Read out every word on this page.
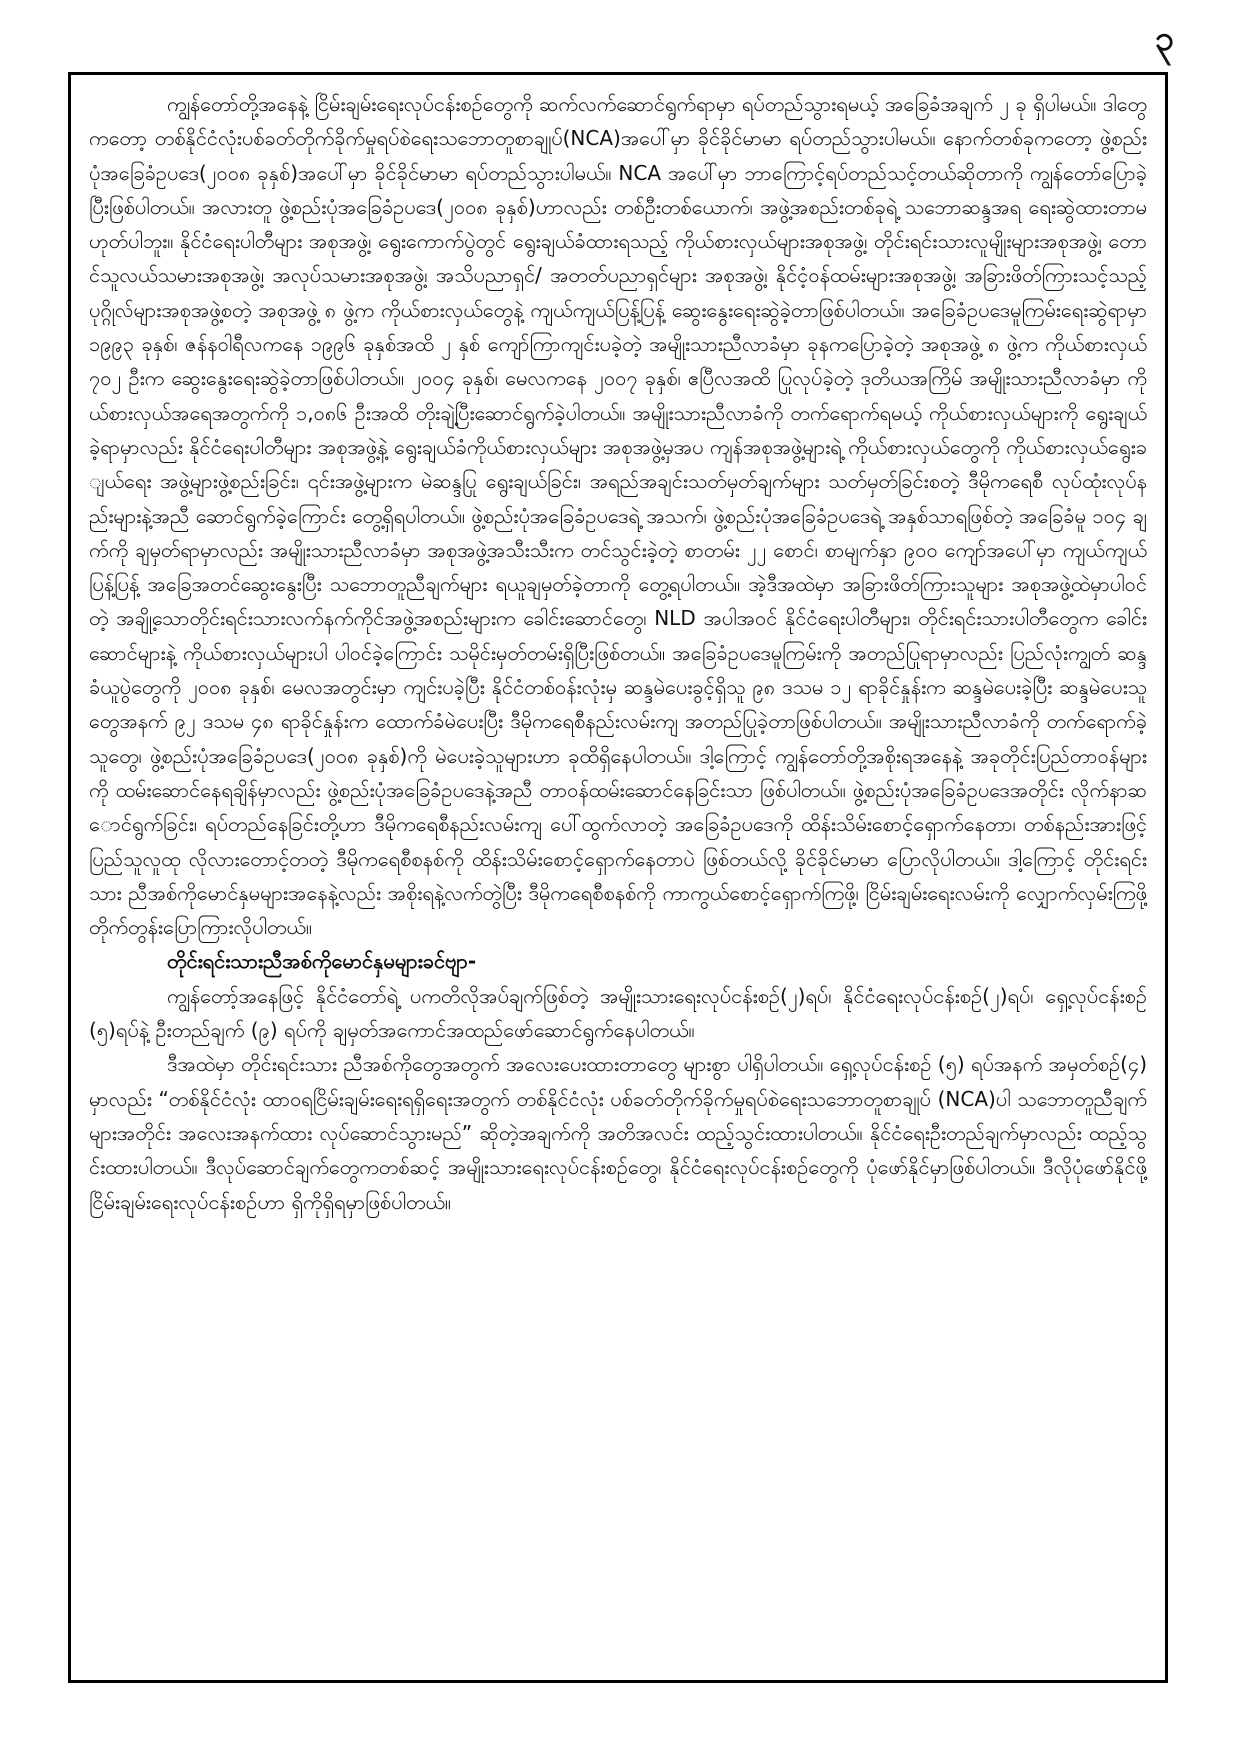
၃

ကျွန်တော်တို့အနေနဲ့ ငြိမ်းချမ်းရေးလုပ်ငန်းစဉ်တွေကို ဆက်လက်ဆောင်ရွက်ရာမှာ ရပ်တည်သွားရမယ့် အခြေခံအချက် ၂ ခု ရှိပါမယ်။ ဒါတွေကတော့ တစ်နိုင်ငံလုံးပစ်ခတ်တိုက်ခိုက်မှုရပ်စဲရေးသဘောတူစာချုပ်(NCA)အပေါ်မှာ ခိုင်ခိုင်မာမာ ရပ်တည်သွားပါမယ်။ နောက်တစ်ခုကတော့ ဖွဲ့စည်းပုံအခြေခံဥပဒေ(၂၀၀၈ ခုနှစ်)အပေါ်မှာ ခိုင်ခိုင်မာမာ ရပ်တည်သွားပါမယ်။ NCA အပေါ်မှာ ဘာကြောင့်ရပ်တည်သင့်တယ်ဆိုတာကို ကျွန်တော်ပြောခဲ့ပြီးဖြစ်ပါတယ်။ အလားတူ ဖွဲ့စည်းပုံအခြေခံဥပဒေ(၂၀၀၈ ခုနှစ်)ဟာလည်း တစ်ဦးတစ်ယောက်၊ အဖွဲ့အစည်းတစ်ခုရဲ့ သဘောဆန္ဒအရ ရေးဆွဲထားတာမဟုတ်ပါဘူး။ နိုင်ငံရေးပါတီများ အစုအဖွဲ့၊ ရွေးကောက်ပွဲတွင် ရွေးချယ်ခံထားရသည့် ကိုယ်စားလှယ်များအစုအဖွဲ့၊ တိုင်းရင်းသားလူမျိုးများအစုအဖွဲ့၊ တောင်သူလယ်သမားအစုအဖွဲ့၊ အလုပ်သမားအစုအဖွဲ့၊ အသိပညာရှင်/ အတတ်ပညာရှင်များ အစုအဖွဲ့၊ နိုင်ငံ့ဝန်ထမ်းများအစုအဖွဲ့၊ အခြားဖိတ်ကြားသင့်သည့် ပုဂ္ဂိုလ်များအစုအဖွဲ့စတဲ့ အစုအဖွဲ့ ၈ ဖွဲ့က ကိုယ်စားလှယ်တွေနဲ့ ကျယ်ကျယ်ပြန့်ပြန့် ဆွေးနွေးရေးဆွဲခဲ့တာဖြစ်ပါတယ်။ အခြေခံဥပဒေမူကြမ်းရေးဆွဲရာမှာ ၁၉၉၃ ခုနှစ်၊ ဇန်နဝါရီလကနေ ၁၉၉၆ ခုနှစ်အထိ ၂ နှစ် ကျော်ကြာကျင်းပခဲ့တဲ့ အမျိုးသားညီလာခံမှာ ခုနကပြောခဲ့တဲ့ အစုအဖွဲ့ ၈ ဖွဲ့က ကိုယ်စားလှယ် ၇၀၂ ဦးက ဆွေးနွေးရေးဆွဲခဲ့တာဖြစ်ပါတယ်။ ၂၀၀၄ ခုနှစ်၊ မေလကနေ ၂၀၀၇ ခုနှစ်၊ ဧပြီလအထိ ပြုလုပ်ခဲ့တဲ့ ဒုတိယအကြိမ် အမျိုးသားညီလာခံမှာ ကိုယ်စားလှယ်အရေအတွက်ကို ၁,၀၈၆ ဦးအထိ တိုးချဲ့ပြီးဆောင်ရွက်ခဲ့ပါတယ်။ အမျိုးသားညီလာခံကို တက်ရောက်ရမယ့် ကိုယ်စားလှယ်များကို ရွေးချယ်ခဲ့ရာမှာလည်း နိုင်ငံရေးပါတီများ အစုအဖွဲ့နဲ့ ရွေးချယ်ခံကိုယ်စားလှယ်များ အစုအဖွဲ့မှအပ ကျန်အစုအဖွဲ့များရဲ့ ကိုယ်စားလှယ်တွေကို ကိုယ်စားလှယ်ရွေးချယ်ရေး အဖွဲ့များဖွဲ့စည်းခြင်း၊ ၎င်းအဖွဲ့များက မဲဆန္ဒပြု ရွေးချယ်ခြင်း၊ အရည်အချင်းသတ်မှတ်ချက်များ သတ်မှတ်ခြင်းစတဲ့ ဒီမိုကရေစီ လုပ်ထုံးလုပ်နည်းများနဲ့အညီ ဆောင်ရွက်ခဲ့ကြောင်း တွေ့ရှိရပါတယ်။ ဖွဲ့စည်းပုံအခြေခံဥပဒေရဲ့ အသက်၊ ဖွဲ့စည်းပုံအခြေခံဥပဒေရဲ့ အနှစ်သာရဖြစ်တဲ့ အခြေခံမူ ၁၀၄ ချက်ကို ချမှတ်ရာမှာလည်း အမျိုးသားညီလာခံမှာ အစုအဖွဲ့အသီးသီးက တင်သွင်းခဲ့တဲ့ စာတမ်း ၂၂ စောင်၊ စာမျက်နှာ ၉၀၀ ကျော်အပေါ်မှာ ကျယ်ကျယ်ပြန့်ပြန့် အခြေအတင်ဆွေးနွေးပြီး သဘောတူညီချက်များ ရယူချမှတ်ခဲ့တာကို တွေ့ရပါတယ်။ အဲ့ဒီအထဲမှာ အခြားဖိတ်ကြားသူများ အစုအဖွဲ့ထဲမှာပါဝင်တဲ့ အချို့သောတိုင်းရင်းသားလက်နက်ကိုင်အဖွဲ့အစည်းများက ခေါင်းဆောင်တွေ၊ NLD အပါအဝင် နိုင်ငံရေးပါတီများ၊ တိုင်းရင်းသားပါတီတွေက ခေါင်းဆောင်များနဲ့ ကိုယ်စားလှယ်များပါ ပါဝင်ခဲ့ကြောင်း သမိုင်းမှတ်တမ်းရှိပြီးဖြစ်တယ်။ အခြေခံဥပဒေမူကြမ်းကို အတည်ပြုရာမှာလည်း ပြည်လုံးကျွတ် ဆန္ဒခံယူပွဲတွေကို ၂၀၀၈ ခုနှစ်၊ မေလအတွင်းမှာ ကျင်းပခဲ့ပြီး နိုင်ငံတစ်ဝန်းလုံးမှ ဆန္ဒမဲပေးခွင့်ရှိသူ ၉၈ ဒသမ ၁၂ ရာခိုင်နှုန်းက ဆန္ဒမဲပေးခဲ့ပြီး ဆန္ဒမဲပေးသူတွေအနက် ၉၂ ဒသမ ၄၈ ရာခိုင်နှုန်းက ထောက်ခံမဲပေးပြီး ဒီမိုကရေစီနည်းလမ်းကျ အတည်ပြုခဲ့တာဖြစ်ပါတယ်။ အမျိုးသားညီလာခံကို တက်ရောက်ခဲ့သူတွေ၊ ဖွဲ့စည်းပုံအခြေခံဥပဒေ(၂၀၀၈ ခုနှစ်)ကို မဲပေးခဲ့သူများဟာ ခုထိရှိနေပါတယ်။ ဒါ့ကြောင့် ကျွန်တော်တို့အစိုးရအနေနဲ့ အခုတိုင်းပြည်တာဝန်များကို ထမ်းဆောင်နေရချိန်မှာလည်း ဖွဲ့စည်းပုံအခြေခံဥပဒေနဲ့အညီ တာဝန်ထမ်းဆောင်နေခြင်းသာ ဖြစ်ပါတယ်။ ဖွဲ့စည်းပုံအခြေခံဥပဒေအတိုင်း လိုက်နာဆောင်ရွက်ခြင်း၊ ရပ်တည်နေခြင်းတို့ဟာ ဒီမိုကရေစီနည်းလမ်းကျ ပေါ်ထွက်လာတဲ့ အခြေခံဥပဒေကို ထိန်းသိမ်းစောင့်ရှောက်နေတာ၊ တစ်နည်းအားဖြင့် ပြည်သူလူထု လိုလားတောင့်တတဲ့ ဒီမိုကရေစီစနစ်ကို ထိန်းသိမ်းစောင့်ရှောက်နေတာပဲ ဖြစ်တယ်လို့ ခိုင်ခိုင်မာမာ ပြောလိုပါတယ်။ ဒါ့ကြောင့် တိုင်းရင်းသား ညီအစ်ကိုမောင်နှမများအနေနဲ့လည်း အစိုးရနဲ့လက်တွဲပြီး ဒီမိုကရေစီစနစ်ကို ကာကွယ်စောင့်ရှောက်ကြဖို့၊ ငြိမ်းချမ်းရေးလမ်းကို လျှောက်လှမ်းကြဖို့ တိုက်တွန်းပြောကြားလိုပါတယ်။

တိုင်းရင်းသားညီအစ်ကိုမောင်နှမများခင်ဗျာ-

ကျွန်တော့်အနေဖြင့် နိုင်ငံတော်ရဲ့ ပကတိလိုအပ်ချက်ဖြစ်တဲ့ အမျိုးသားရေးလုပ်ငန်းစဉ်(၂)ရပ်၊ နိုင်ငံရေးလုပ်ငန်းစဉ်(၂)ရပ်၊ ရှေ့လုပ်ငန်းစဉ်(၅)ရပ်နဲ့ ဦးတည်ချက် (၉) ရပ်ကို ချမှတ်အကောင်အထည်ဖော်ဆောင်ရွက်နေပါတယ်။

ဒီအထဲမှာ တိုင်းရင်းသား ညီအစ်ကိုတွေအတွက် အလေးပေးထားတာတွေ များစွာ ပါရှိပါတယ်။ ရှေ့လုပ်ငန်းစဉ် (၅) ရပ်အနက် အမှတ်စဉ်(၄)မှာလည်း “တစ်နိုင်ငံလုံး ထာဝရငြိမ်းချမ်းရေးရရှိရေးအတွက် တစ်နိုင်ငံလုံး ပစ်ခတ်တိုက်ခိုက်မှုရပ်စဲရေးသဘောတူစာချုပ် (NCA)ပါ သဘောတူညီချက်များအတိုင်း အလေးအနက်ထား လုပ်ဆောင်သွားမည်” ဆိုတဲ့အချက်ကို အတိအလင်း ထည့်သွင်းထားပါတယ်။ နိုင်ငံရေးဦးတည်ချက်မှာလည်း ထည့်သွင်းထားပါတယ်။ ဒီလုပ်ဆောင်ချက်တွေကတစ်ဆင့် အမျိုးသားရေးလုပ်ငန်းစဉ်တွေ၊ နိုင်ငံရေးလုပ်ငန်းစဉ်တွေကို ပုံဖော်နိုင်မှာဖြစ်ပါတယ်။ ဒီလိုပုံဖော်နိုင်ဖို့ ငြိမ်းချမ်းရေးလုပ်ငန်းစဉ်ဟာ ရှိကိုရှိရမှာဖြစ်ပါတယ်။
